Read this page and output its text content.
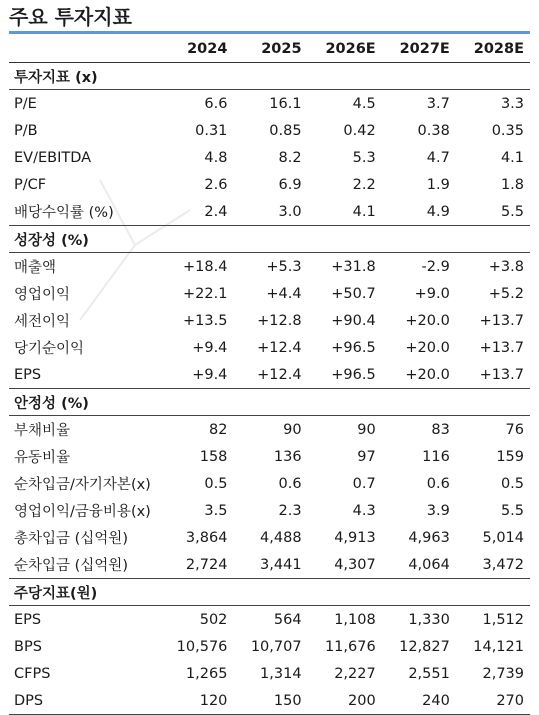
주요 투자지표
	2024	2025	2026E	2027E	2028E
투자지표 (x)					
P/E	6.6	16.1	4.5	3.7	3.3
P/B	0.31	0.85	0.42	0.38	0.35
EV/EBITDA	4.8	8.2	5.3	4.7	4.1
P/CF	2.6	6.9	2.2	1.9	1.8
배당수익률 (%)	2.4	3.0	4.1	4.9	5.5
성장성 (%)					
매출액	+18.4	+5.3	+31.8	-2.9	+3.8
영업이익	+22.1	+4.4	+50.7	+9.0	+5.2
세전이익	+13.5	+12.8	+90.4	+20.0	+13.7
당기순이익	+9.4	+12.4	+96.5	+20.0	+13.7
EPS	+9.4	+12.4	+96.5	+20.0	+13.7
안정성 (%)					
부채비율	82	90	90	83	76
유동비율	158	136	97	116	159
순차입금/자기자본(x)	0.5	0.6	0.7	0.6	0.5
영업이익/금융비용(x)	3.5	2.3	4.3	3.9	5.5
총차입금 (십억원)	3,864	4,488	4,913	4,963	5,014
순차입금 (십억원)	2,724	3,441	4,307	4,064	3,472
주당지표(원)					
EPS	502	564	1,108	1,330	1,512
BPS	10,576	10,707	11,676	12,827	14,121
CFPS	1,265	1,314	2,227	2,551	2,739
DPS	120	150	200	240	270
